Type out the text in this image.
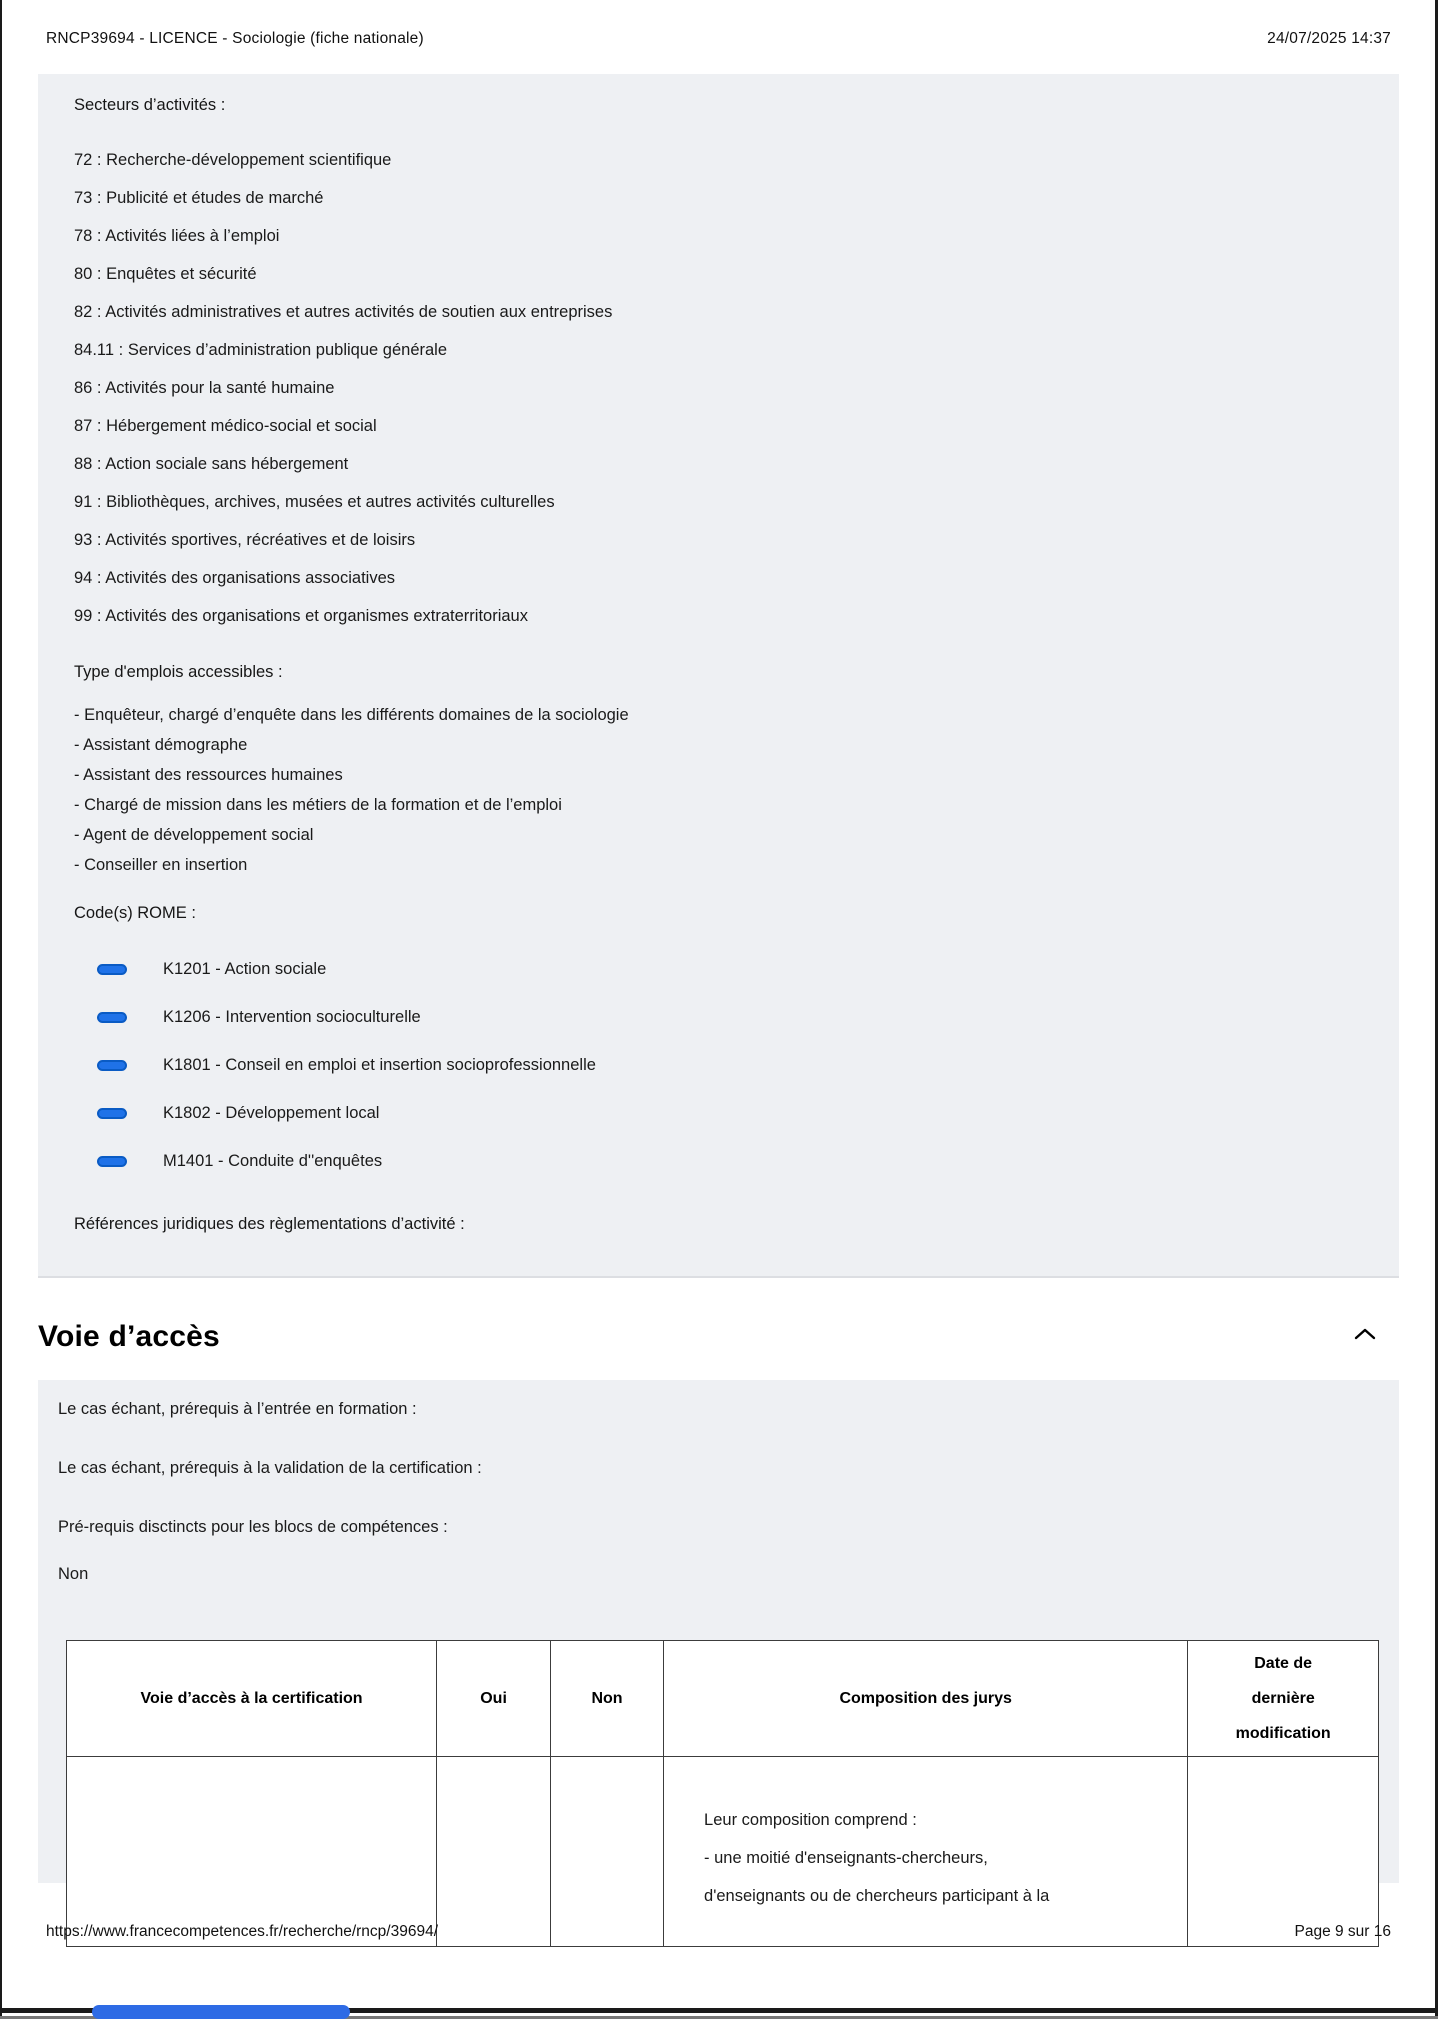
RNCP39694 - LICENCE - Sociologie (fiche nationale)	24/07/2025 14:37

Secteurs d’activités :

72 : Recherche-développement scientifique
73 : Publicité et études de marché
78 : Activités liées à l’emploi
80 : Enquêtes et sécurité
82 : Activités administratives et autres activités de soutien aux entreprises
84.11 : Services d’administration publique générale
86 : Activités pour la santé humaine
87 : Hébergement médico-social et social
88 : Action sociale sans hébergement
91 : Bibliothèques, archives, musées et autres activités culturelles
93 : Activités sportives, récréatives et de loisirs
94 : Activités des organisations associatives
99 : Activités des organisations et organismes extraterritoriaux

Type d'emplois accessibles :

- Enquêteur, chargé d’enquête dans les différents domaines de la sociologie

- Assistant démographe

- Assistant des ressources humaines

- Chargé de mission dans les métiers de la formation et de l’emploi

- Agent de développement social

- Conseiller en insertion

Code(s) ROME :

K1201 - Action sociale
K1206 - Intervention socioculturelle
K1801 - Conseil en emploi et insertion socioprofessionnelle
K1802 - Développement local
M1401 - Conduite d''enquêtes

Références juridiques des règlementations d’activité :

Voie d’accès

Le cas échant, prérequis à l’entrée en formation :

Le cas échant, prérequis à la validation de la certification :

Pré-requis disctincts pour les blocs de compétences :

Non

Voie d’accès à la certification	Oui	Non	Composition des jurys	Date de dernière modification

			Leur composition comprend :

- une moitié d'enseignants-chercheurs,

d'enseignants ou de chercheurs participant à la	

https://www.francecompetences.fr/recherche/rncp/39694/	Page 9 sur 16
